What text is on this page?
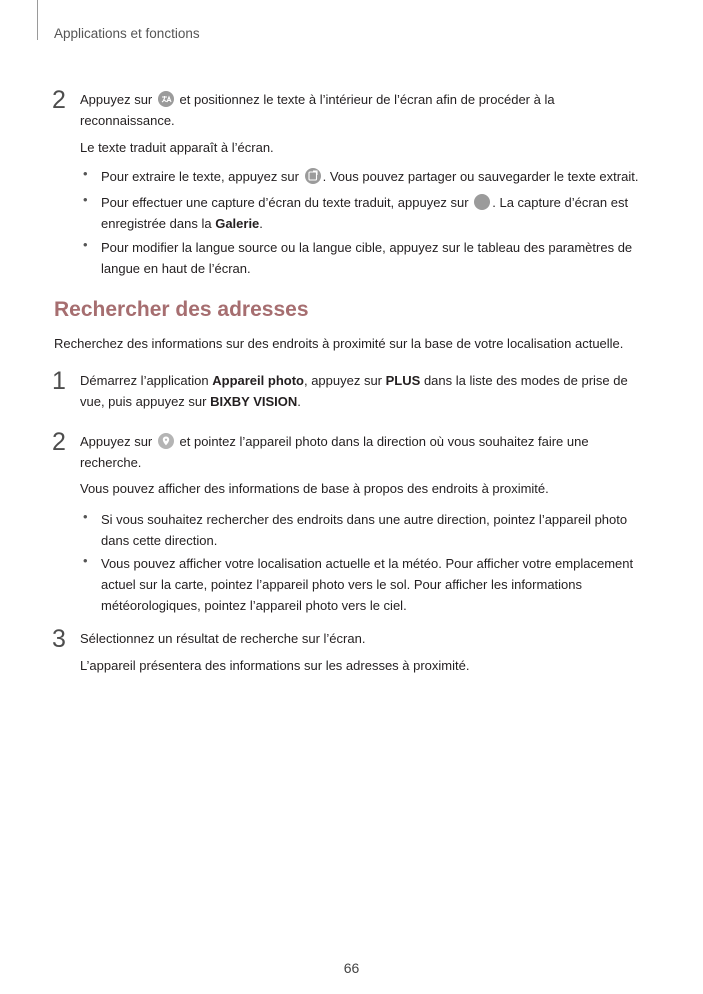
Applications et fonctions
2 Appuyez sur et positionnez le texte à l’intérieur de l’écran afin de procéder à la
reconnaissance.
Le texte traduit apparaît à l’écran.
• Pour extraire le texte, appuyez sur . Vous pouvez partager ou sauvegarder le texte extrait.
• Pour effectuer une capture d’écran du texte traduit, appuyez sur . La capture d’écran est
enregistrée dans la Galerie.
• Pour modifier la langue source ou la langue cible, appuyez sur le tableau des paramètres de
langue en haut de l’écran.
Rechercher des adresses
Recherchez des informations sur des endroits à proximité sur la base de votre localisation actuelle.
1 Démarrez l’application Appareil photo, appuyez sur PLUS dans la liste des modes de prise de
vue, puis appuyez sur BIXBY VISION.
2 Appuyez sur et pointez l’appareil photo dans la direction où vous souhaitez faire une
recherche.
Vous pouvez afficher des informations de base à propos des endroits à proximité.
• Si vous souhaitez rechercher des endroits dans une autre direction, pointez l’appareil photo
dans cette direction.
• Vous pouvez afficher votre localisation actuelle et la météo. Pour afficher votre emplacement
actuel sur la carte, pointez l’appareil photo vers le sol. Pour afficher les informations
météorologiques, pointez l’appareil photo vers le ciel.
3 Sélectionnez un résultat de recherche sur l’écran.
L’appareil présentera des informations sur les adresses à proximité.
66
